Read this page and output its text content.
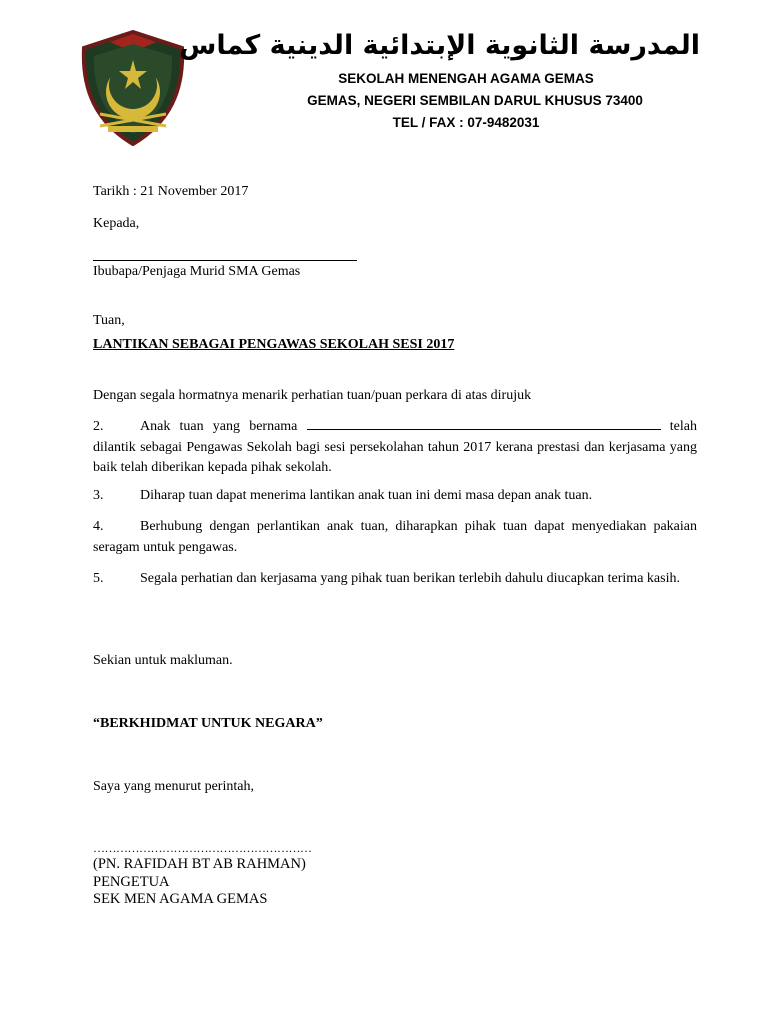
المدرسة الثانوية الإبتدائية الدينية كماس
SEKOLAH MENENGAH AGAMA GEMAS
GEMAS, NEGERI SEMBILAN DARUL KHUSUS 73400
TEL / FAX : 07-9482031
Tarikh : 21 November 2017
Kepada,
Ibubapa/Penjaga Murid SMA Gemas
Tuan,
LANTIKAN SEBAGAI PENGAWAS SEKOLAH SESI 2017
Dengan segala hormatnya menarik perhatian tuan/puan perkara di atas dirujuk
2.	Anak tuan yang bernama	telah dilantik sebagai Pengawas Sekolah bagi sesi persekolahan tahun 2017 kerana prestasi dan kerjasama yang baik telah diberikan kepada pihak sekolah.
3.	Diharap tuan dapat menerima lantikan anak tuan ini demi masa depan anak tuan.
4.	Berhubung dengan perlantikan anak tuan, diharapkan pihak tuan dapat menyediakan pakaian seragam untuk pengawas.
5.	Segala perhatian dan kerjasama yang pihak tuan berikan terlebih dahulu diucapkan terima kasih.
Sekian untuk makluman.
“BERKHIDMAT UNTUK NEGARA”
Saya yang menurut perintah,
…………………………………………………
(PN. RAFIDAH BT AB RAHMAN)
PENGETUA
SEK MEN AGAMA GEMAS
